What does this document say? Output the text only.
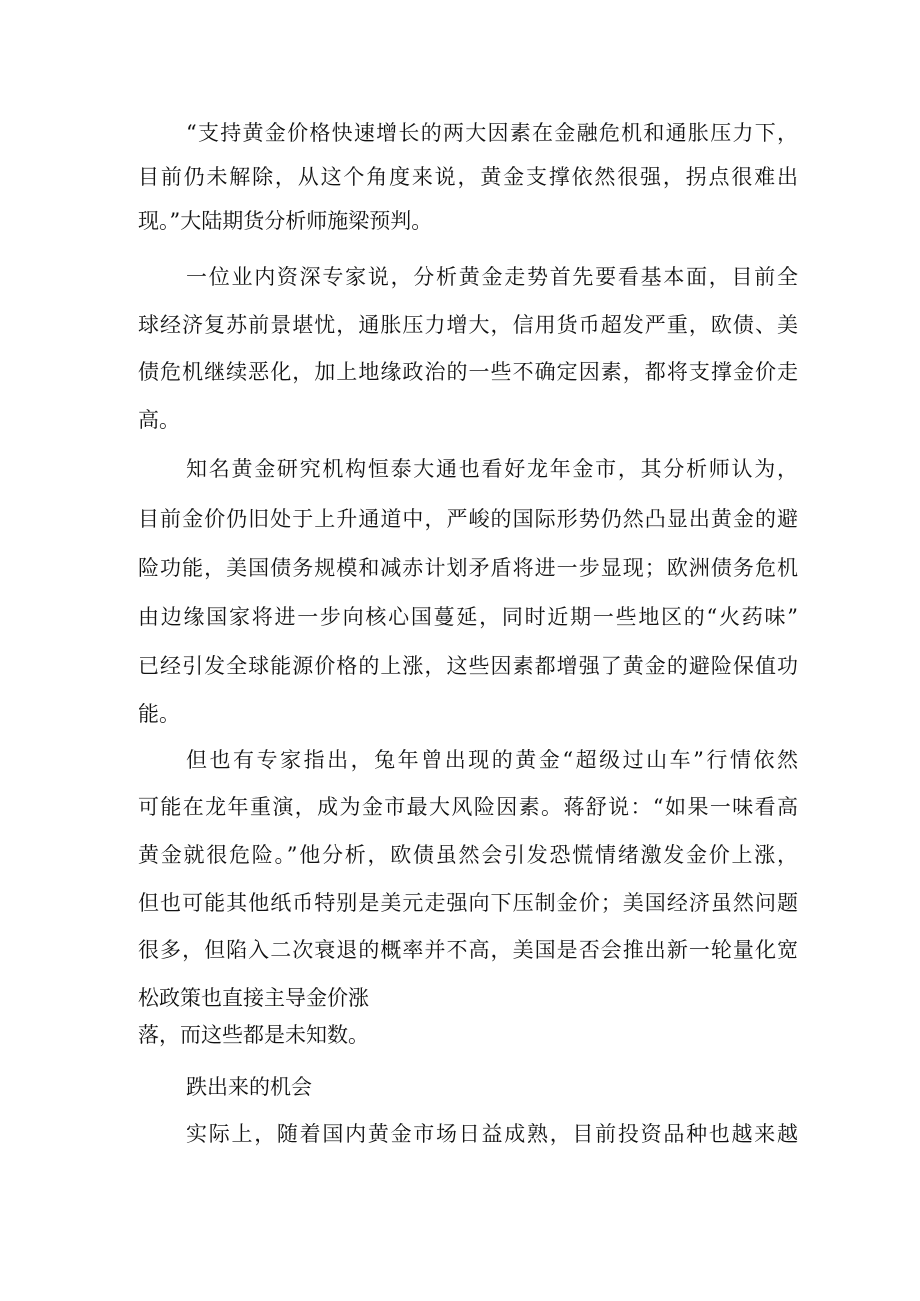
“支持黄金价格快速增长的两大因素在金融危机和通胀压力下，
目前仍未解除，从这个角度来说，黄金支撑依然很强，拐点很难出
现。”大陆期货分析师施梁预判。
一位业内资深专家说，分析黄金走势首先要看基本面，目前全
球经济复苏前景堪忧，通胀压力增大，信用货币超发严重，欧债、美
债危机继续恶化，加上地缘政治的一些不确定因素，都将支撑金价走
高。
知名黄金研究机构恒泰大通也看好龙年金市，其分析师认为，
目前金价仍旧处于上升通道中，严峻的国际形势仍然凸显出黄金的避
险功能，美国债务规模和减赤计划矛盾将进一步显现；欧洲债务危机
由边缘国家将进一步向核心国蔓延，同时近期一些地区的“火药味”
已经引发全球能源价格的上涨，这些因素都增强了黄金的避险保值功
能。
但也有专家指出，兔年曾出现的黄金“超级过山车”行情依然
可能在龙年重演，成为金市最大风险因素。蒋舒说：“如果一味看高
黄金就很危险。”他分析，欧债虽然会引发恐慌情绪激发金价上涨，
但也可能其他纸币特别是美元走强向下压制金价；美国经济虽然问题
很多，但陷入二次衰退的概率并不高，美国是否会推出新一轮量化宽
松政策也直接主导金价涨
落，而这些都是未知数。
跌出来的机会
实际上，随着国内黄金市场日益成熟，目前投资品种也越来越
